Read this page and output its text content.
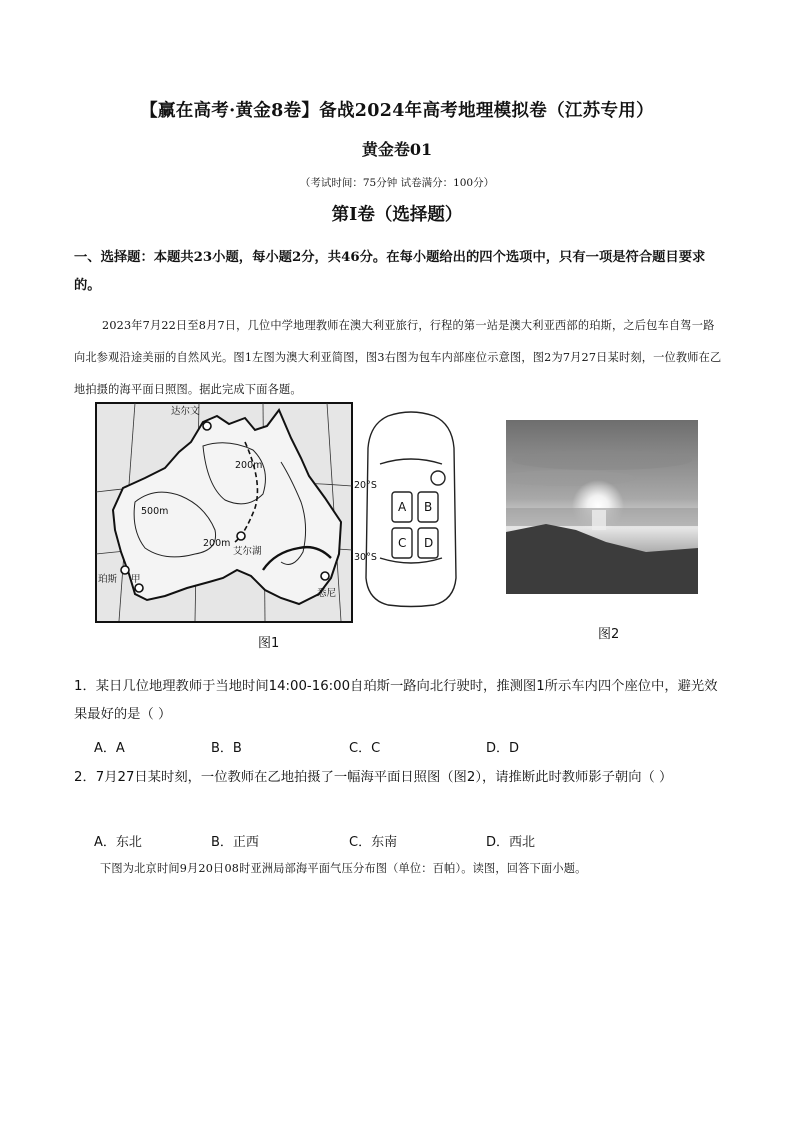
【赢在高考·黄金8卷】备战2024年高考地理模拟卷（江苏专用）
黄金卷01
（考试时间：75分钟 试卷满分：100分）
第I卷（选择题）
一、选择题：本题共23小题，每小题2分，共46分。在每小题给出的四个选项中，只有一项是符合题目要求的。
2023年7月22日至8月7日，几位中学地理教师在澳大利亚旅行，行程的第一站是澳大利亚西部的珀斯，之后包车自驾一路向北参观沿途美丽的自然风光。图1左图为澳大利亚简图，图3右图为包车内部座位示意图，图2为7月27日某时刻，一位教师在乙地拍摄的海平面日照图。据此完成下面各题。
达尔文
200m
500m
200m
艾尔湖
珀斯 甲
悉尼
20°S
30°S
A B
C D
图1
图2
1．某日几位地理教师于当地时间14:00-16:00自珀斯一路向北行驶时，推测图1所示车内四个座位中，避光效果最好的是（ ）
A．A	B．B	C．C	D．D
2．7月27日某时刻，一位教师在乙地拍摄了一幅海平面日照图（图2），请推断此时教师影子朝向（ ）
A．东北	B．正西	C．东南	D．西北
下图为北京时间9月20日08时亚洲局部海平面气压分布图（单位：百帕）。读图，回答下面小题。
